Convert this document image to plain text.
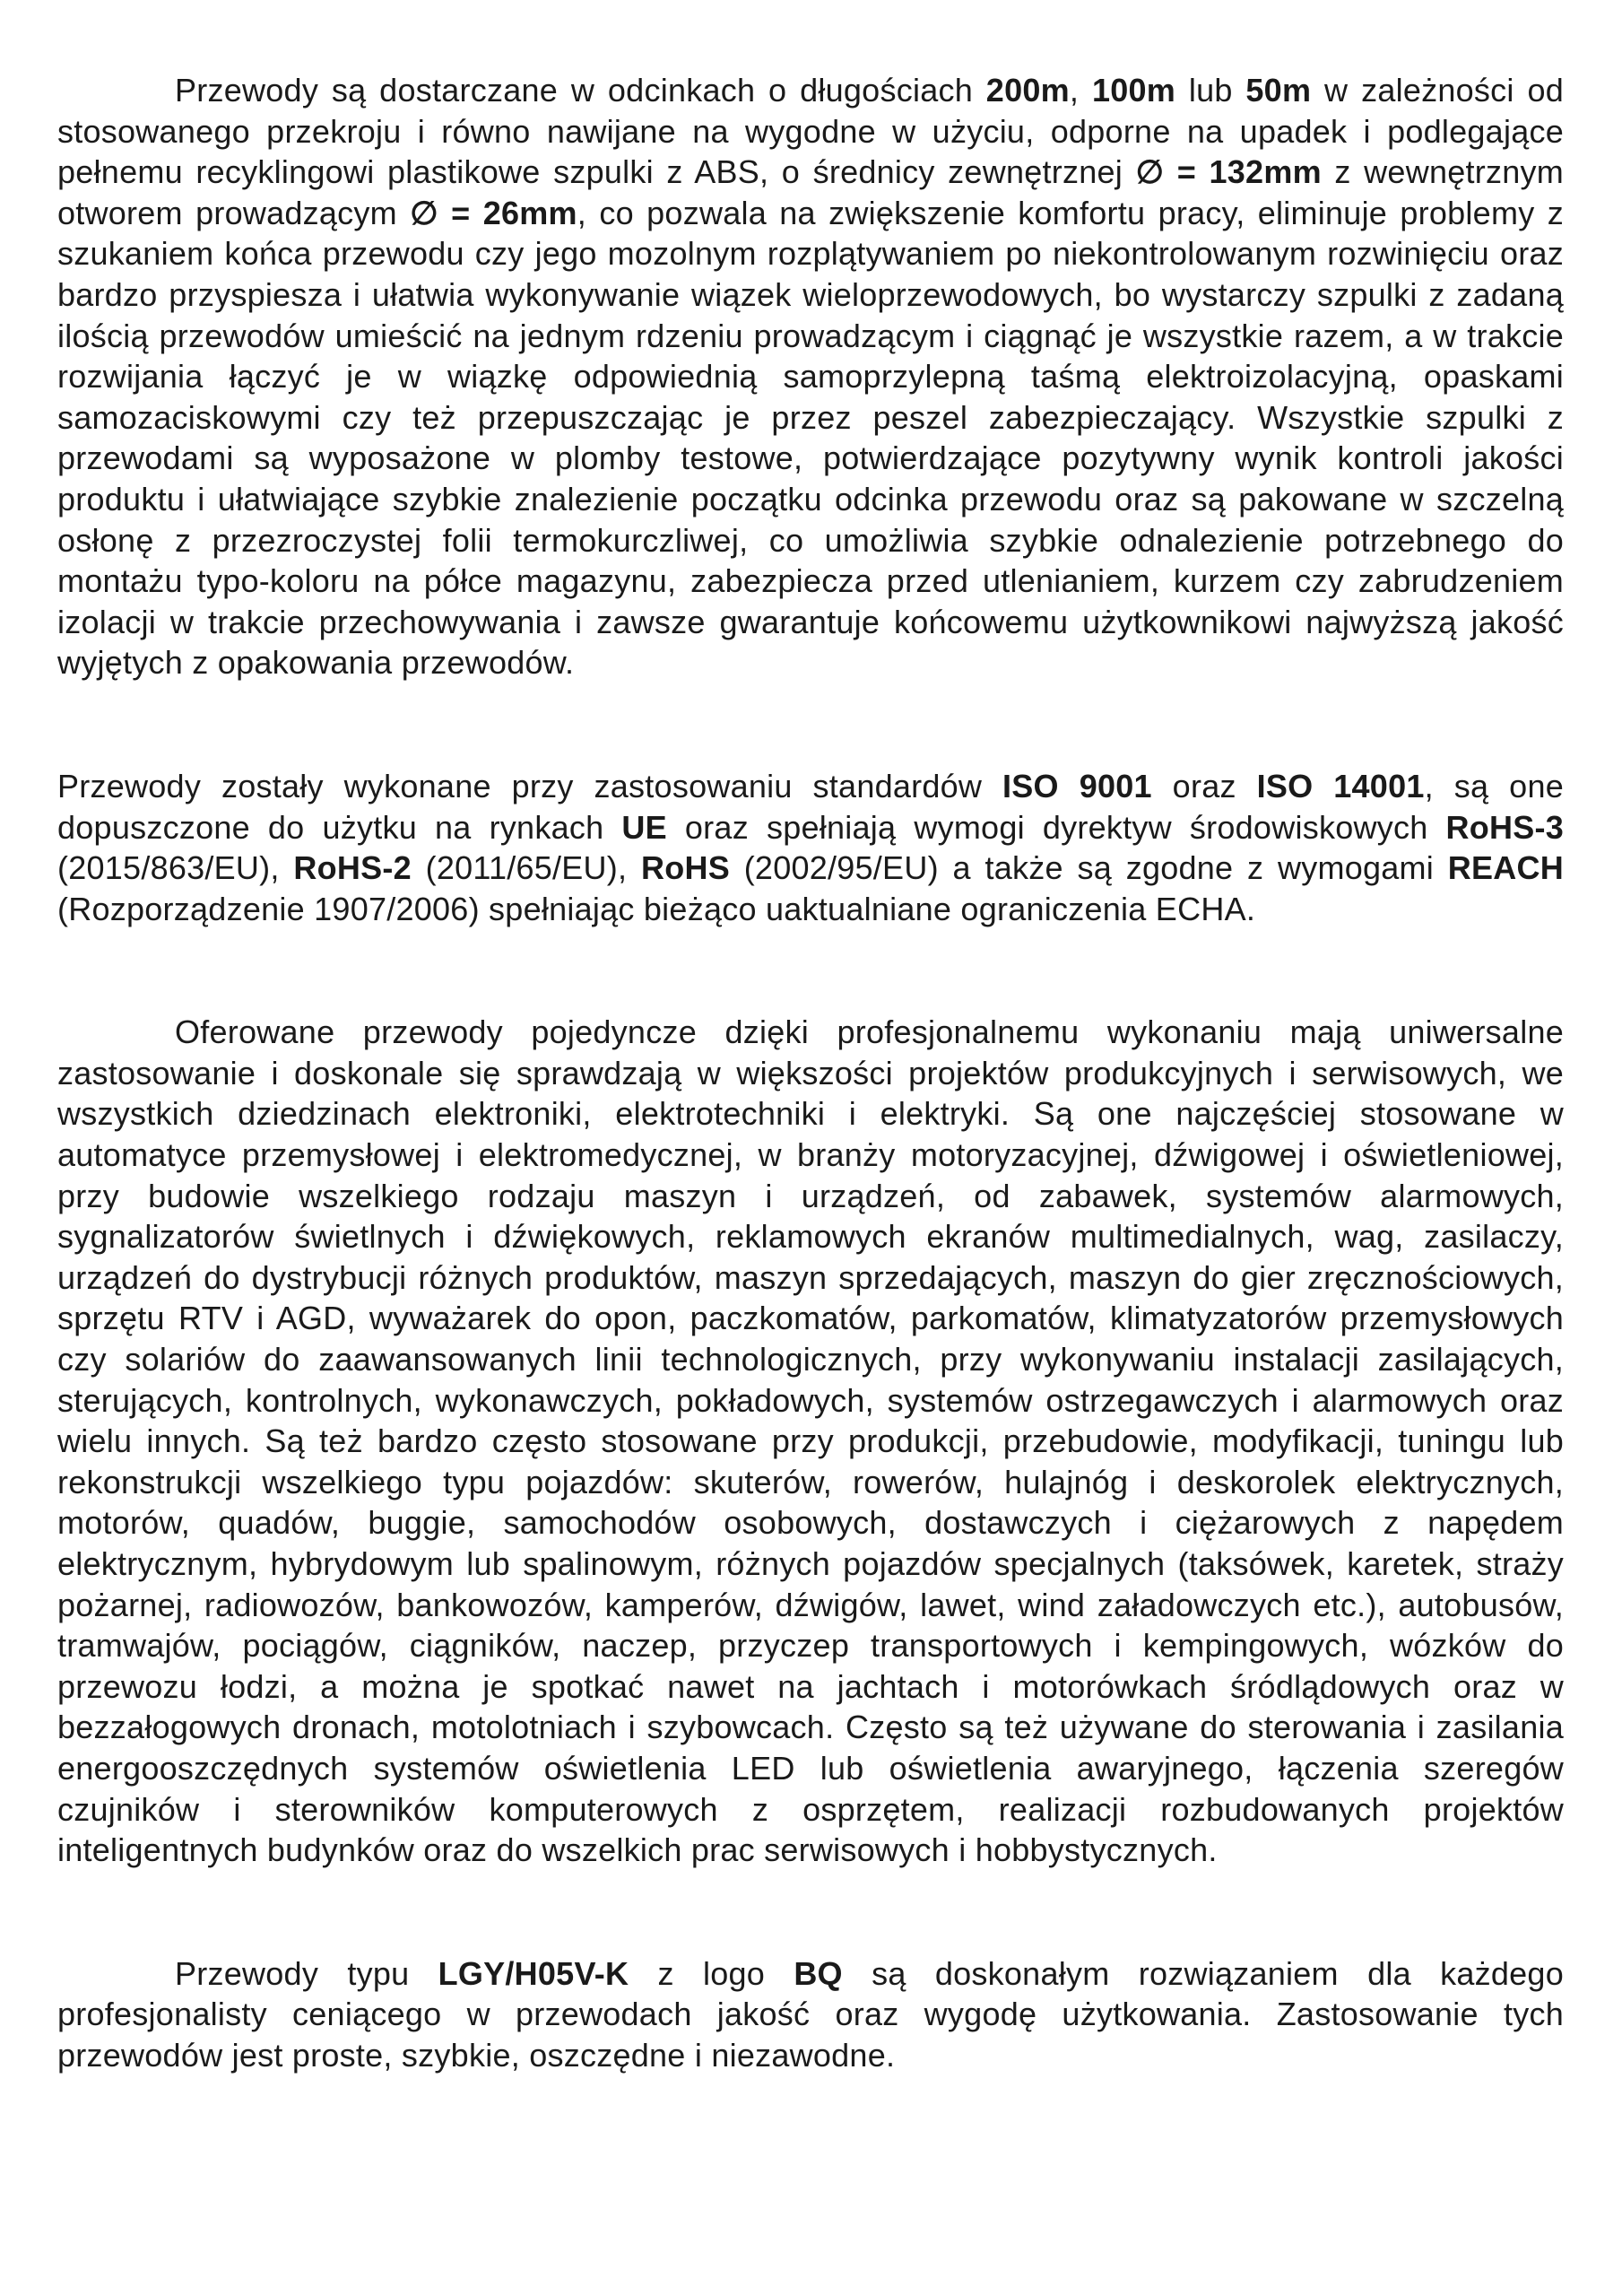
Przewody są dostarczane w odcinkach o długościach 200m, 100m lub 50m w zależności od stosowanego przekroju i równo nawijane na wygodne w użyciu, odporne na upadek i podlegające pełnemu recyklingowi plastikowe szpulki z ABS, o średnicy zewnętrznej ∅ = 132mm z wewnętrznym otworem prowadzącym ∅ = 26mm, co pozwala na zwiększenie komfortu pracy, eliminuje problemy z szukaniem końca przewodu czy jego mozolnym rozplątywaniem po niekontrolowanym rozwinięciu oraz bardzo przyspiesza i ułatwia wykonywanie wiązek wieloprzewodowych, bo wystarczy szpulki z zadaną ilością przewodów umieścić na jednym rdzeniu prowadzącym i ciągnąć je wszystkie razem, a w trakcie rozwijania łączyć je w wiązkę odpowiednią samoprzylepną taśmą elektroizolacyjną, opaskami samozaciskowymi czy też przepuszczając je przez peszel zabezpieczający. Wszystkie szpulki z przewodami są wyposażone w plomby testowe, potwierdzające pozytywny wynik kontroli jakości produktu i ułatwiające szybkie znalezienie początku odcinka przewodu oraz są pakowane w szczelną osłonę z przezroczystej folii termokurczliwej, co umożliwia szybkie odnalezienie potrzebnego do montażu typo-koloru na półce magazynu, zabezpiecza przed utlenianiem, kurzem czy zabrudzeniem izolacji w trakcie przechowywania i zawsze gwarantuje końcowemu użytkownikowi najwyższą jakość wyjętych z opakowania przewodów.

Przewody zostały wykonane przy zastosowaniu standardów ISO 9001 oraz ISO 14001, są one dopuszczone do użytku na rynkach UE oraz spełniają wymogi dyrektyw środowiskowych RoHS-3 (2015/863/EU), RoHS-2 (2011/65/EU), RoHS (2002/95/EU) a także są zgodne z wymogami REACH (Rozporządzenie 1907/2006) spełniając bieżąco uaktualniane ograniczenia ECHA.

Oferowane przewody pojedyncze dzięki profesjonalnemu wykonaniu mają uniwersalne zastosowanie i doskonale się sprawdzają w większości projektów produkcyjnych i serwisowych, we wszystkich dziedzinach elektroniki, elektrotechniki i elektryki. Są one najczęściej stosowane w automatyce przemysłowej i elektromedycznej, w branży motoryzacyjnej, dźwigowej i oświetleniowej, przy budowie wszelkiego rodzaju maszyn i urządzeń, od zabawek, systemów alarmowych, sygnalizatorów świetlnych i dźwiękowych, reklamowych ekranów multimedialnych, wag, zasilaczy, urządzeń do dystrybucji różnych produktów, maszyn sprzedających, maszyn do gier zręcznościowych, sprzętu RTV i AGD, wyważarek do opon, paczkomatów, parkomatów, klimatyzatorów przemysłowych czy solariów do zaawansowanych linii technologicznych, przy wykonywaniu instalacji zasilających, sterujących, kontrolnych, wykonawczych, pokładowych, systemów ostrzegawczych i alarmowych oraz wielu innych. Są też bardzo często stosowane przy produkcji, przebudowie, modyfikacji, tuningu lub rekonstrukcji wszelkiego typu pojazdów: skuterów, rowerów, hulajnóg i deskorolek elektrycznych, motorów, quadów, buggie, samochodów osobowych, dostawczych i ciężarowych z napędem elektrycznym, hybrydowym lub spalinowym, różnych pojazdów specjalnych (taksówek, karetek, straży pożarnej, radiowozów, bankowozów, kamperów, dźwigów, lawet, wind załadowczych etc.), autobusów, tramwajów, pociągów, ciągników, naczep, przyczep transportowych i kempingowych, wózków do przewozu łodzi, a można je spotkać nawet na jachtach i motorówkach śródlądowych oraz w bezzałogowych dronach, motolotniach i szybowcach. Często są też używane do sterowania i zasilania energooszczędnych systemów oświetlenia LED lub oświetlenia awaryjnego, łączenia szeregów czujników i sterowników komputerowych z osprzętem, realizacji rozbudowanych projektów inteligentnych budynków oraz do wszelkich prac serwisowych i hobbystycznych.

Przewody typu LGY/H05V-K z logo BQ są doskonałym rozwiązaniem dla każdego profesjonalisty ceniącego w przewodach jakość oraz wygodę użytkowania. Zastosowanie tych przewodów jest proste, szybkie, oszczędne i niezawodne.
